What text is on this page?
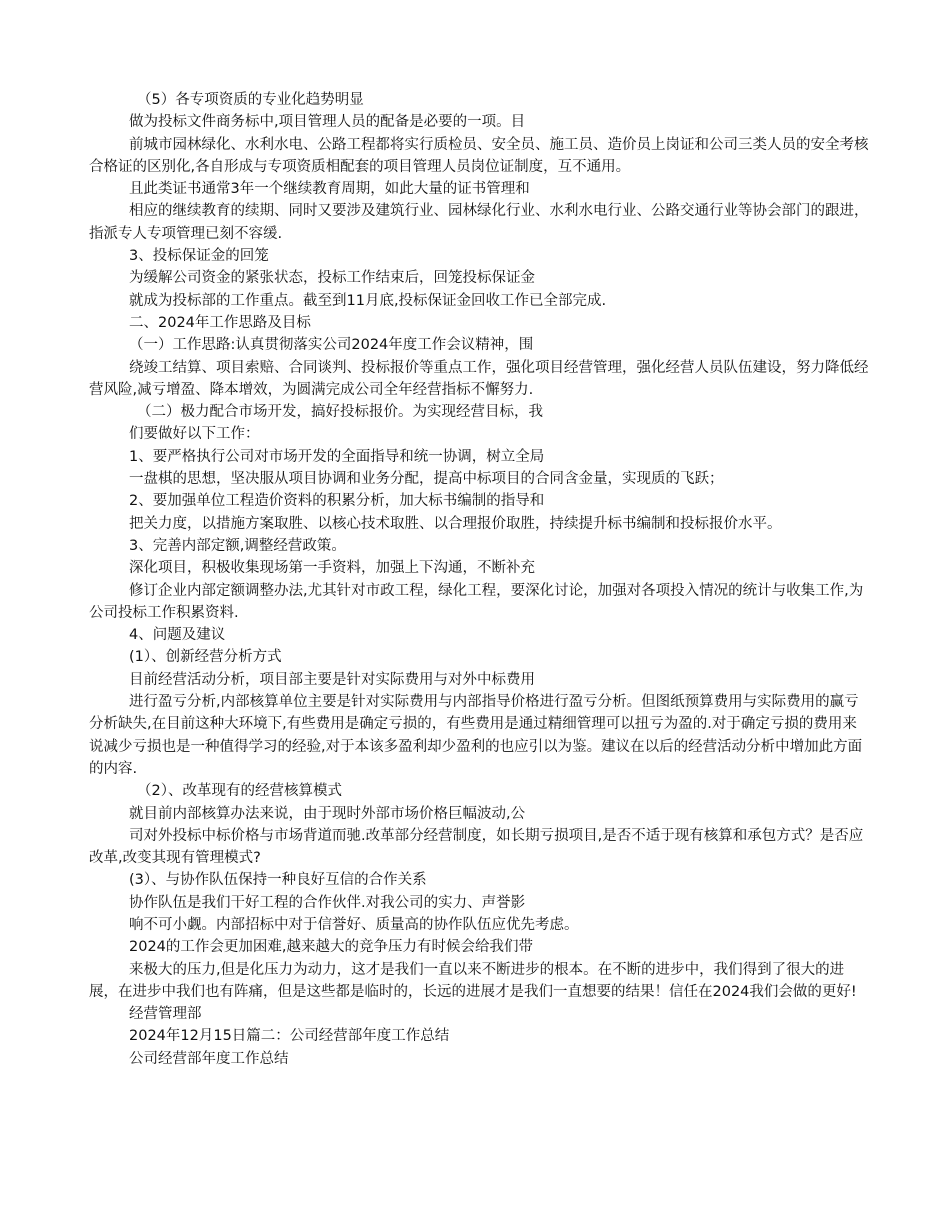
（5）各专项资质的专业化趋势明显

做为投标文件商务标中,项目管理人员的配备是必要的一项。目

前城市园林绿化、水利水电、公路工程都将实行质检员、安全员、施工员、造价员上岗证和公司三类人员的安全考核合格证的区别化,各自形成与专项资质相配套的项目管理人员岗位证制度，互不通用。

且此类证书通常3年一个继续教育周期，如此大量的证书管理和

相应的继续教育的续期、同时又要涉及建筑行业、园林绿化行业、水利水电行业、公路交通行业等协会部门的跟进，指派专人专项管理已刻不容缓.

3、投标保证金的回笼

为缓解公司资金的紧张状态，投标工作结束后，回笼投标保证金

就成为投标部的工作重点。截至到11月底,投标保证金回收工作已全部完成.

二、2024年工作思路及目标

（一）工作思路:认真贯彻落实公司2024年度工作会议精神，围

绕竣工结算、项目索赔、合同谈判、投标报价等重点工作，强化项目经营管理，强化经营人员队伍建设，努力降低经营风险,减亏增盈、降本增效，为圆满完成公司全年经营指标不懈努力.

（二）极力配合市场开发，搞好投标报价。为实现经营目标，我

们要做好以下工作：

1、要严格执行公司对市场开发的全面指导和统一协调，树立全局

一盘棋的思想，坚决服从项目协调和业务分配，提高中标项目的合同含金量，实现质的飞跃；

2、要加强单位工程造价资料的积累分析，加大标书编制的指导和

把关力度，以措施方案取胜、以核心技术取胜、以合理报价取胜，持续提升标书编制和投标报价水平。

3、完善内部定额,调整经营政策。

深化项目，积极收集现场第一手资料，加强上下沟通，不断补充

修订企业内部定额调整办法,尤其针对市政工程，绿化工程，要深化讨论，加强对各项投入情况的统计与收集工作,为公司投标工作积累资料.

4、问题及建议

(1）、创新经营分析方式

目前经营活动分析，项目部主要是针对实际费用与对外中标费用

进行盈亏分析,内部核算单位主要是针对实际费用与内部指导价格进行盈亏分析。但图纸预算费用与实际费用的赢亏分析缺失,在目前这种大环境下,有些费用是确定亏损的，有些费用是通过精细管理可以扭亏为盈的.对于确定亏损的费用来说减少亏损也是一种值得学习的经验,对于本该多盈利却少盈利的也应引以为鉴。建议在以后的经营活动分析中增加此方面的内容.

（2）、改革现有的经营核算模式

就目前内部核算办法来说，由于现时外部市场价格巨幅波动,公

司对外投标中标价格与市场背道而驰.改革部分经营制度，如长期亏损项目,是否不适于现有核算和承包方式？是否应改革,改变其现有管理模式?

(3）、与协作队伍保持一种良好互信的合作关系

协作队伍是我们干好工程的合作伙伴.对我公司的实力、声誉影

响不可小觑。内部招标中对于信誉好、质量高的协作队伍应优先考虑。

2024的工作会更加困难,越来越大的竞争压力有时候会给我们带

来极大的压力,但是化压力为动力，这才是我们一直以来不断进步的根本。在不断的进步中，我们得到了很大的进展，在进步中我们也有阵痛，但是这些都是临时的，长远的进展才是我们一直想要的结果！信任在2024我们会做的更好!

经营管理部

2024年12月15日篇二：公司经营部年度工作总结

公司经营部年度工作总结
